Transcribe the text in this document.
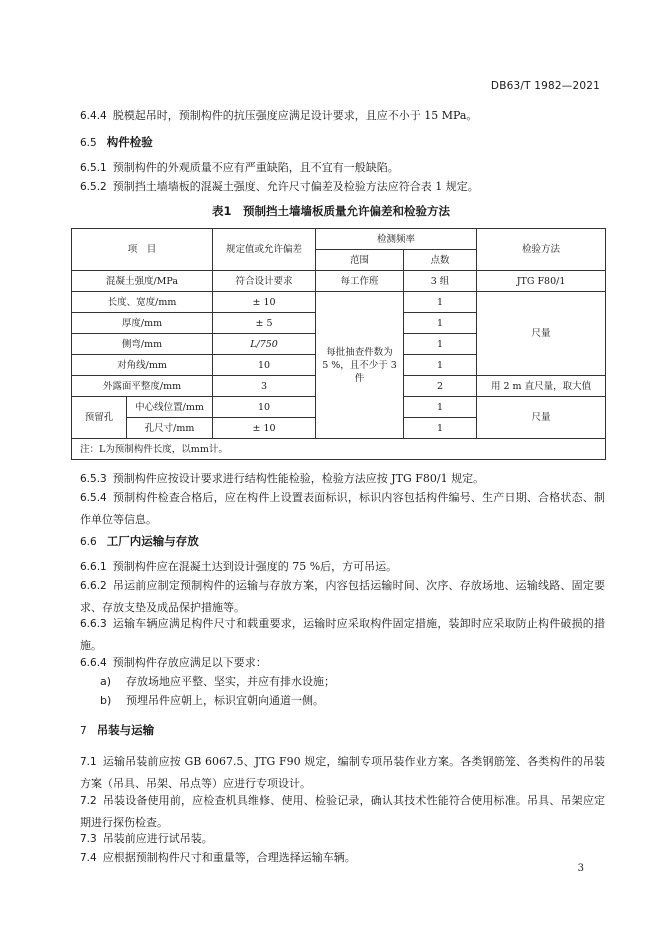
DB63/T 1982—2021
6.4.4 脱模起吊时，预制构件的抗压强度应满足设计要求，且应不小于 15 MPa。
6.5 构件检验
6.5.1 预制构件的外观质量不应有严重缺陷，且不宜有一般缺陷。
6.5.2 预制挡土墙墙板的混凝土强度、允许尺寸偏差及检验方法应符合表 1 规定。
表1　预制挡土墙墙板质量允许偏差和检验方法
项　目		规定值或允许偏差	检测频率		检验方法
			范围	点数	
混凝土强度/MPa		符合设计要求	每工作班	3 组	JTG F80/1
长度、宽度/mm		± 10	每批抽查件数为 5 %，且不少于 3 件	1	尺量
厚度/mm		± 5		1	
侧弯/mm		L/750		1	
对角线/mm		10		1	
外露面平整度/mm		3		2	用 2 m 直尺量，取大值
预留孔	中心线位置/mm	10		1	尺量
	孔尺寸/mm	± 10		1	
注：L为预制构件长度，以mm计。					
6.5.3 预制构件应按设计要求进行结构性能检验，检验方法应按 JTG F80/1 规定。
6.5.4 预制构件检查合格后，应在构件上设置表面标识，标识内容包括构件编号、生产日期、合格状态、制作单位等信息。
6.6 工厂内运输与存放
6.6.1 预制构件应在混凝土达到设计强度的 75 %后，方可吊运。
6.6.2 吊运前应制定预制构件的运输与存放方案，内容包括运输时间、次序、存放场地、运输线路、固定要求、存放支垫及成品保护措施等。
6.6.3 运输车辆应满足构件尺寸和载重要求，运输时应采取构件固定措施，装卸时应采取防止构件破损的措施。
6.6.4 预制构件存放应满足以下要求：
a) 存放场地应平整、坚实，并应有排水设施；
b) 预埋吊件应朝上，标识宜朝向通道一侧。
7 吊装与运输
7.1 运输吊装前应按 GB 6067.5、JTG F90 规定，编制专项吊装作业方案。各类钢筋笼、各类构件的吊装方案（吊具、吊架、吊点等）应进行专项设计。
7.2 吊装设备使用前，应检查机具维修、使用、检验记录，确认其技术性能符合使用标准。吊具、吊架应定期进行探伤检查。
7.3 吊装前应进行试吊装。
7.4 应根据预制构件尺寸和重量等，合理选择运输车辆。
3
